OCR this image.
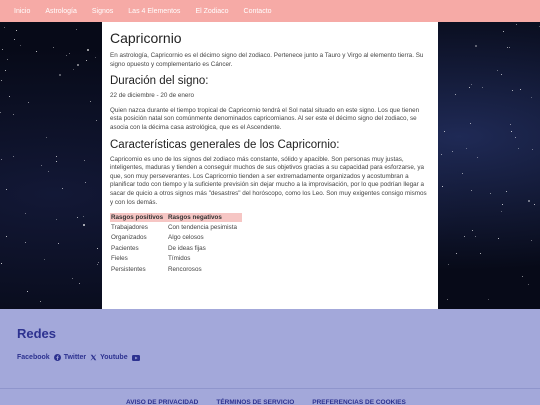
Inicio Astrología Signos Las 4 Elementos El Zodiaco Contacto
Capricornio

En astrología, Capricornio es el décimo signo del zodiaco. Pertenece junto a Tauro y Virgo al elemento tierra. Su signo opuesto y complementario es Cáncer.

Duración del signo:

22 de diciembre - 20 de enero

Quien nazca durante el tiempo tropical de Capricornio tendrá el Sol natal situado en este signo. Los que tienen esta posición natal son comúnmente denominados capricornianos. Al ser este el décimo signo del zodiaco, se asocia con la décima casa astrológica, que es el Ascendente.

Características generales de los Capricornio:

Capricornio es uno de los signos del zodiaco más constante, sólido y apacible. Son personas muy justas, inteligentes, maduras y tienden a conseguir muchos de sus objetivos gracias a su capacidad para esforzarse, ya que, son muy perseverantes. Los Capricornio tienden a ser extremadamente organizados y acostumbran a planificar todo con tiempo y la suficiente previsión sin dejar mucho a la improvisación, por lo que podrían llegar a sacar de quicio a otros signos más "desastres" del horóscopo, como los Leo. Son muy exigentes consigo mismos y con los demás.

Rasgos positivos	Rasgos negativos
Trabajadores	Con tendencia pesimista
Organizados	Algo celosos
Pacientes	De ideas fijas
Fieles	Tímidos
Persistentes	Rencorosos
Redes
Facebook Twitter Youtube
AVISO DE PRIVACIDAD	TÉRMINOS DE SERVICIO	PREFERENCIAS DE COOKIES
